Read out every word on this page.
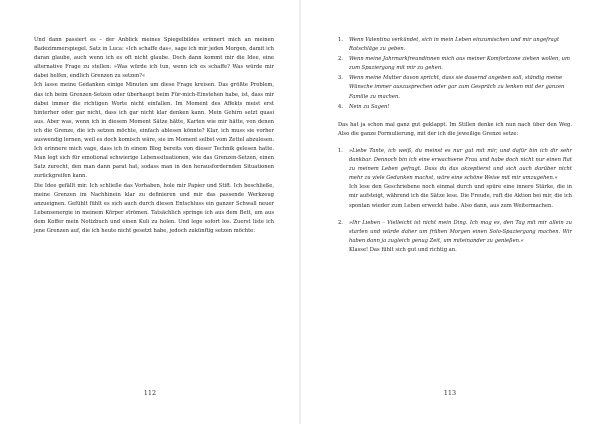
Und dann passiert es – der Anblick meines Spiegelbildes erinnert mich an meinen Badezimmerspiegel. Satz in Luca: »Ich schaffe das«, sage ich mir jeden Morgen, damit ich daran glaube, auch wenn ich es oft nicht glaube. Doch dann kommt mir die Idee, eine alternative Frage zu stellen: »Was würde ich tun, wenn ich es schaffe? Was würde mir dabei helfen, endlich Grenzen zu setzen?«

Ich lasse meine Gedanken einige Minuten um diese Frage kreisen. Das größte Problem, das ich beim Grenzen-Setzen oder überhaupt beim Für-mich-Einstehen habe, ist, dass mir dabei immer die richtigen Worte nicht einfallen. Im Moment des Affekts meist erst hinterher oder gar nicht, dass ich gar nicht klar denken kann. Mein Gehirn setzt quasi aus. Aber was, wenn ich in diesem Moment Sätze hätte, Karten wie mir hätte, von denen ich die Grenze, die ich setzen möchte, einfach ablesen könnte? Klar, ich muss sie vorher auswendig lernen, weil es doch komisch wäre, sie im Moment selbst vom Zettel abzulesen. Ich erinnere mich vage, dass ich in einem Blog bereits von dieser Technik gelesen hatte. Man legt sich für emotional schwierige Lebenssituationen, wie das Grenzen-Setzen, einen Satz zurecht, den man dann parat hat, sodass man in den herausfordernden Situationen zurückgreifen kann.

Die Idee gefällt mir. Ich schließe das Vorhaben, hole mir Papier und Stift. Ich beschließe, meine Grenzen im Nachhinein klar zu definieren und mir das passende Werkzeug anzueignen. Gefühlt fühlt es sich auch durch diesen Entschluss ein ganzer Schwall neuer Lebensenergie in meinem Körper strömen. Tatsächlich springe ich aus dem Bett, um aus dem Koffer mein Notizbuch und einen Kuli zu holen. Und lege sofort los. Zuerst liste ich jene Grenzen auf, die ich heute nicht gesetzt habe, jedoch zukünftig setzen möchte:

112
1. Wenn Valentina verkündet, sich in mein Leben einzumischen und mir ungefragt Ratschläge zu geben.
2. Wenn meine Jahrmarkfreundinnen mich aus meiner Komfortzone ziehen wollen, um zum Spaziergang mit mir zu gehen.
3. Wenn meine Mutter davon spricht, dass sie dauernd angeben soll, ständig meine Wünsche immer auszusprechen oder gar zum Gespräch zu lenken mit der ganzen Familie zu machen.
4. Nein zu Sagen!

Das hat ja schon mal ganz gut geklappt. Im Stillen denke ich nun nach über den Weg. Also die ganze Formulierung, mit der ich die jeweilige Grenze setze:

1. »Liebe Tante, ich weiß, du meinst es nur gut mit mir, und dafür bin ich dir sehr dankbar. Dennoch bin ich eine erwachsene Frau und habe doch nicht nur einen Rat zu meinem Leben gefragt. Dass du das akzeptierst und sich auch darüber nicht mehr zu viele Gedanken machst, wäre eine schöne Weise mit mir umzugehen.«

Ich lese den Geschriebene noch einmal durch und spüre eine innere Stärke, die in mir aufsteigt, während ich die Sätze lese. Die Freude, ruft die Aktion bei mir, die ich spontan wieder zum Leben erweckt habe. Also dann, aus zum Weitermachen.

2. »Ihr Lieben – Vielleicht ist nicht mein Ding. Ich mag es, den Tag mit mir allein zu starten und würde daher um frühen Morgen einen Solo-Spaziergang machen. Wir haben dann ja zugleich genug Zeit, um miteinander zu genießen.«

Klasse! Das fühlt sich gut und richtig an.

113
